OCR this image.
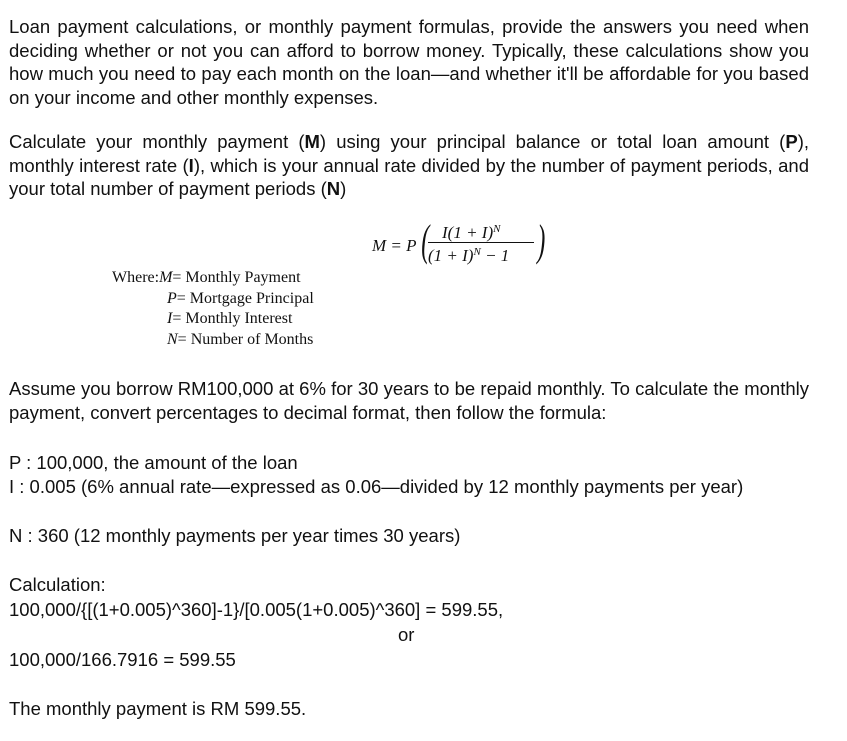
Loan payment calculations, or monthly payment formulas, provide the answers you need when deciding whether or not you can afford to borrow money. Typically, these calculations show you how much you need to pay each month on the loan—and whether it'll be affordable for you based on your income and other monthly expenses.

Calculate your monthly payment (M) using your principal balance or total loan amount (P), monthly interest rate (I), which is your annual rate divided by the number of payment periods, and your total number of payment periods (N)

M = P ( $I(1 + I)^N$
$(1 + I)^N - 1$ )
Where:M= Monthly Payment
P= Mortgage Principal
I= Monthly Interest
N= Number of Months

Assume you borrow RM100,000 at 6% for 30 years to be repaid monthly. To calculate the monthly payment, convert percentages to decimal format, then follow the formula:

P : 100,000, the amount of the loan

I : 0.005 (6% annual rate—expressed as 0.06—divided by 12 monthly payments per year)

N : 360 (12 monthly payments per year times 30 years)

Calculation:

100,000/{[(1+0.005)^360]-1}/[0.005(1+0.005)^360] = 599.55,

or

100,000/166.7916 = 599.55

The monthly payment is RM 599.55.
